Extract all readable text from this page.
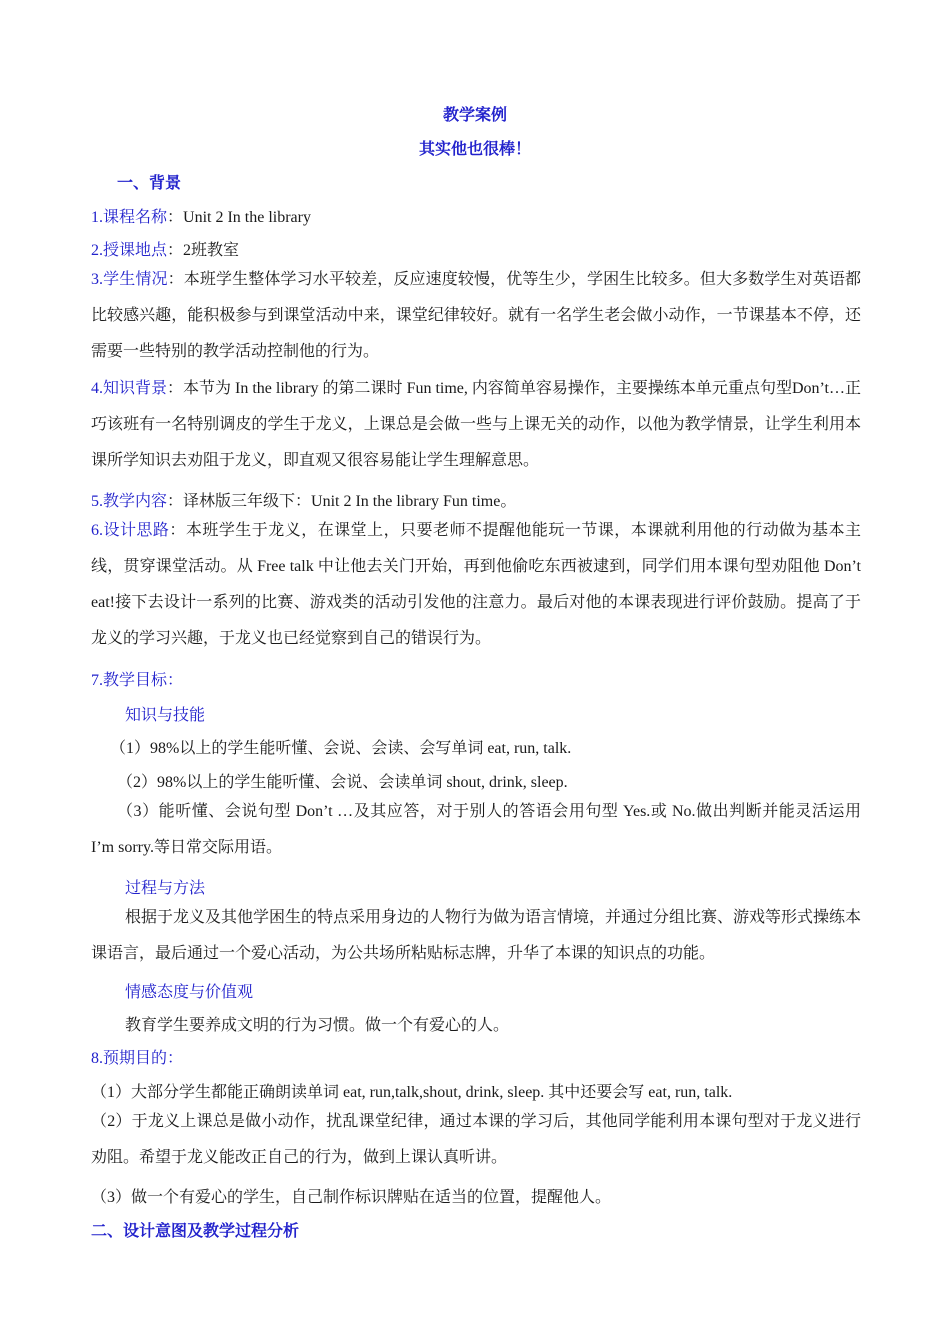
教学案例
其实他也很棒！
一、背景
1.课程名称：Unit 2 In the library
2.授课地点：2班教室
3.学生情况：本班学生整体学习水平较差，反应速度较慢，优等生少，学困生比较多。但大多数学生对英语都比较感兴趣，能积极参与到课堂活动中来，课堂纪律较好。就有一名学生老会做小动作，一节课基本不停，还需要一些特别的教学活动控制他的行为。
4.知识背景：本节为 In the library 的第二课时 Fun time, 内容简单容易操作，主要操练本单元重点句型Don’t…正巧该班有一名特别调皮的学生于龙义，上课总是会做一些与上课无关的动作，以他为教学情景，让学生利用本课所学知识去劝阻于龙义，即直观又很容易能让学生理解意思。
5.教学内容：译林版三年级下：Unit 2 In the library Fun time。
6.设计思路：本班学生于龙义，在课堂上，只要老师不提醒他能玩一节课，本课就利用他的行动做为基本主线，贯穿课堂活动。从 Free talk 中让他去关门开始，再到他偷吃东西被逮到，同学们用本课句型劝阻他 Don’t eat!接下去设计一系列的比赛、游戏类的活动引发他的注意力。最后对他的本课表现进行评价鼓励。提高了于龙义的学习兴趣，于龙义也已经觉察到自己的错误行为。
7.教学目标：
知识与技能
（1）98%以上的学生能听懂、会说、会读、会写单词 eat, run, talk.
（2）98%以上的学生能听懂、会说、会读单词 shout, drink, sleep.
（3）能听懂、会说句型 Don’t …及其应答，对于别人的答语会用句型 Yes.或 No.做出判断并能灵活运用 I’m sorry.等日常交际用语。
过程与方法
根据于龙义及其他学困生的特点采用身边的人物行为做为语言情境，并通过分组比赛、游戏等形式操练本课语言，最后通过一个爱心活动，为公共场所粘贴标志牌，升华了本课的知识点的功能。
情感态度与价值观
教育学生要养成文明的行为习惯。做一个有爱心的人。
8.预期目的：
（1）大部分学生都能正确朗读单词 eat, run,talk,shout, drink, sleep. 其中还要会写 eat, run, talk.
（2）于龙义上课总是做小动作，扰乱课堂纪律，通过本课的学习后，其他同学能利用本课句型对于龙义进行劝阻。希望于龙义能改正自己的行为，做到上课认真听讲。
（3）做一个有爱心的学生，自己制作标识牌贴在适当的位置，提醒他人。
二、设计意图及教学过程分析
